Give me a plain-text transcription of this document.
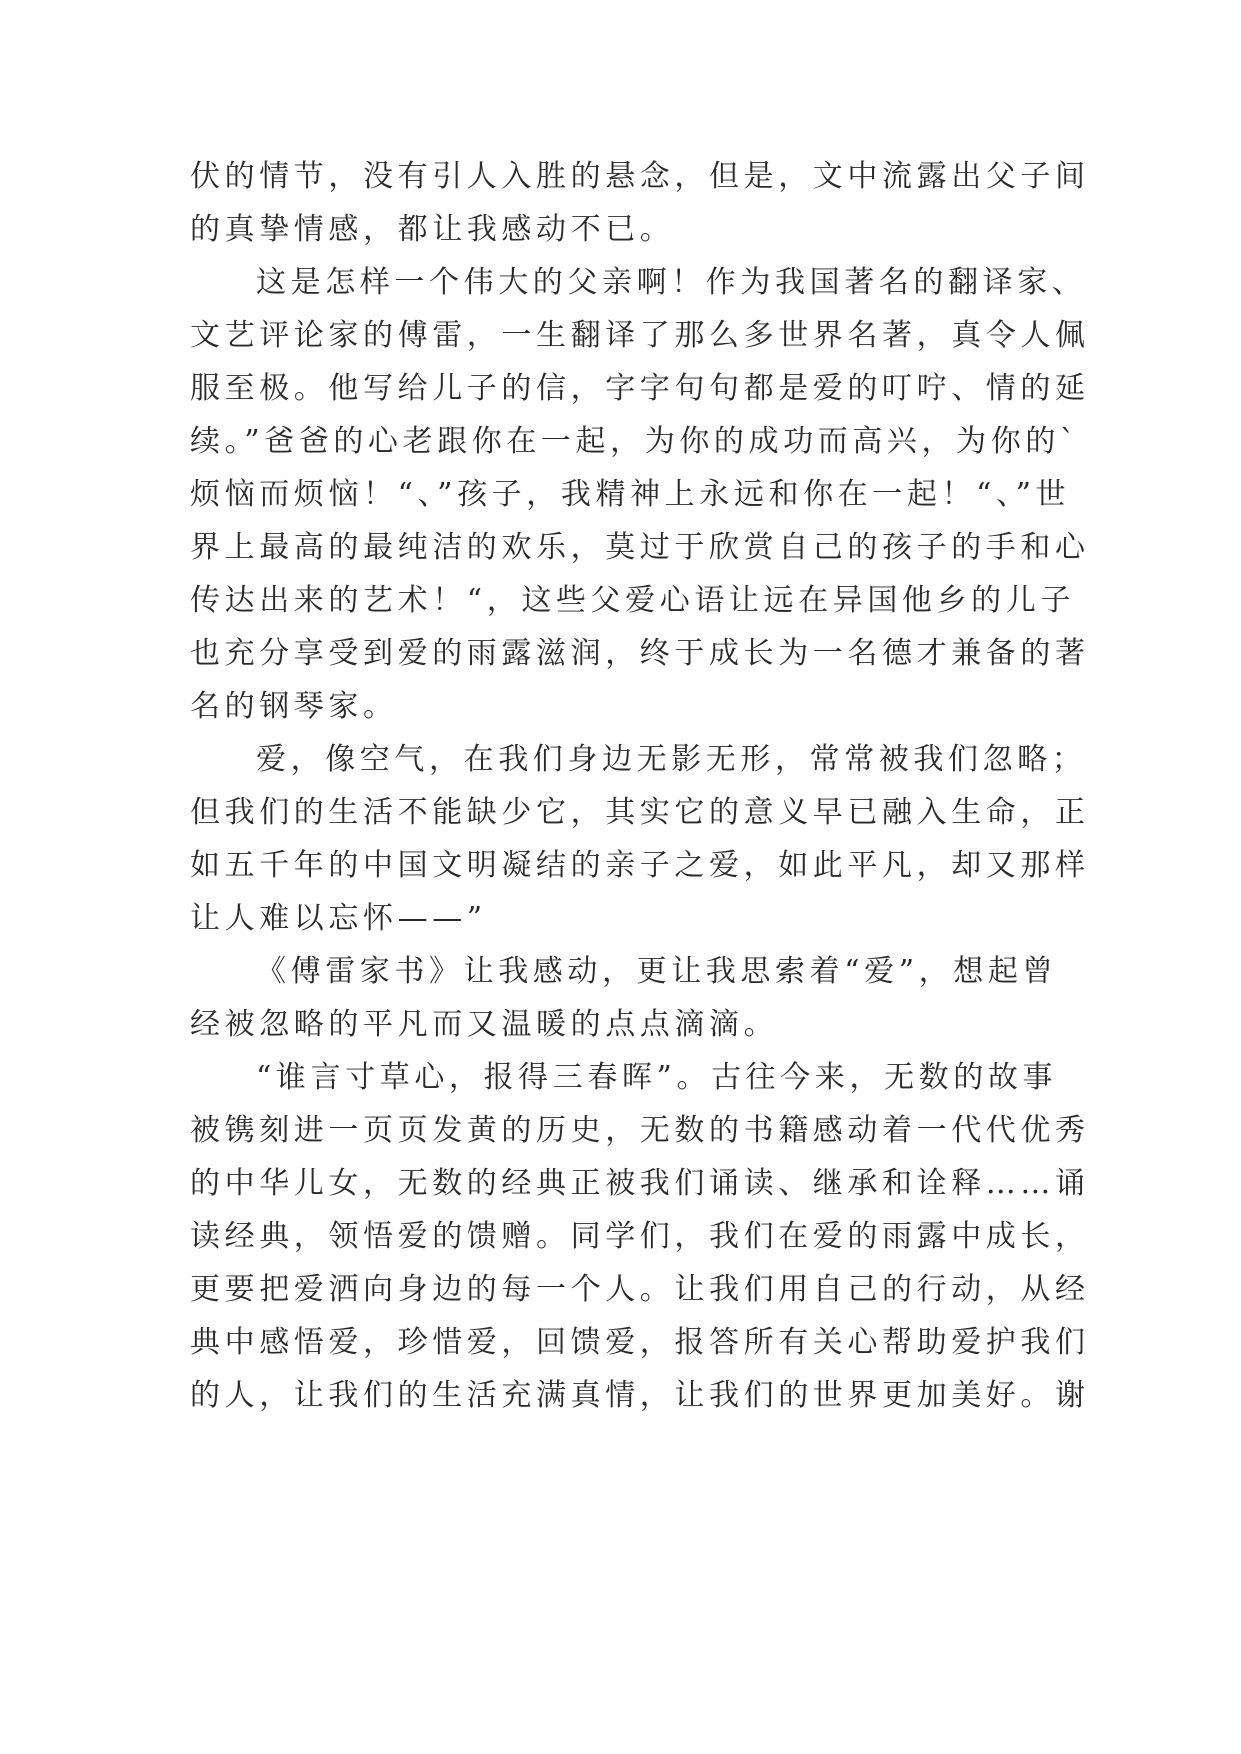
伏的情节，没有引人入胜的悬念，但是，文中流露出父子间
的真挚情感，都让我感动不已。
这是怎样一个伟大的父亲啊！作为我国著名的翻译家、
文艺评论家的傅雷，一生翻译了那么多世界名著，真令人佩
服至极。他写给儿子的信，字字句句都是爱的叮咛、情的延
续。”爸爸的心老跟你在一起，为你的成功而高兴，为你的`
烦恼而烦恼！“、”孩子，我精神上永远和你在一起！“、”世
界上最高的最纯洁的欢乐，莫过于欣赏自己的孩子的手和心
传达出来的艺术！“，这些父爱心语让远在异国他乡的儿子
也充分享受到爱的雨露滋润，终于成长为一名德才兼备的著
名的钢琴家。
爱，像空气，在我们身边无影无形，常常被我们忽略；
但我们的生活不能缺少它，其实它的意义早已融入生命，正
如五千年的中国文明凝结的亲子之爱，如此平凡，却又那样
让人难以忘怀——”
《傅雷家书》让我感动，更让我思索着“爱”，想起曾
经被忽略的平凡而又温暖的点点滴滴。
“谁言寸草心，报得三春晖”。古往今来，无数的故事
被镌刻进一页页发黄的历史，无数的书籍感动着一代代优秀
的中华儿女，无数的经典正被我们诵读、继承和诠释……诵
读经典，领悟爱的馈赠。同学们，我们在爱的雨露中成长，
更要把爱洒向身边的每一个人。让我们用自己的行动，从经
典中感悟爱，珍惜爱，回馈爱，报答所有关心帮助爱护我们
的人，让我们的生活充满真情，让我们的世界更加美好。谢
